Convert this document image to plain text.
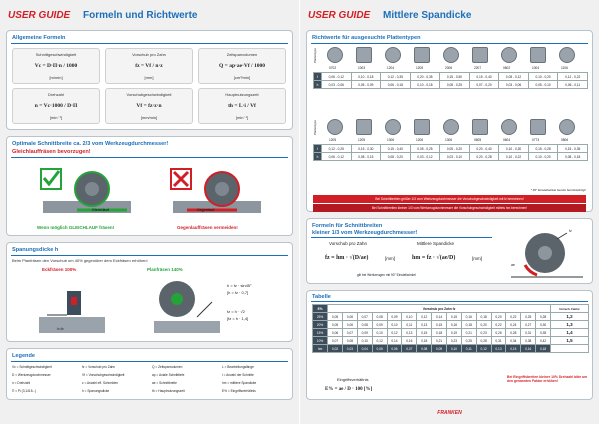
USER GUIDE Formeln und Richtwerte
Allgemeine Formeln
Schnittgeschwindigkeit
Vc = D·Π·n / 1000
[m/min]
Vorschub pro Zahn
fz = Vf / n·z
[mm]
Zeitspanvolumen
Q = ap·ae·Vf / 1000
[cm³/min]
Drehzahl
n = Vc·1000 / D·Π
[min⁻¹]
Vorschubgeschwindigkeit
Vf = fz·z·n
[mm/min]
Hauptnutzungszeit
th = L·i / Vf
[min⁻¹]
Optimale Schnittbreite ca. 2/3 vom Werkzeugdurchmesser!
Gleichlauffräsen bevorzugen!
Gleichlauf	Gegenlauf
Wenn möglich GLEICHLAUF fräsen!	Gegenlauffräsen vermeiden!
Spanungsdicke h
Beim Planfräsen den Vorschub um 40% gegenüber dem Eckfräsen erhöhen!
Eckfräsen 100%	Planfräsen 140%
h=fz
h = fz · sin45°
[h = fz · 0,7]
fz = h · √2
[fz = h · 1,4]
Legende
Vc = Schnittgeschwindigkeit
D = Werkzeugdurchmesser
n = Drehzahl
Π = Pi (3,1415...)
fz = Vorschub pro Zahn
Vf = Vorschubgeschwindigkeit
z = Anzahl eff. Schneiden
h = Spanungsdicke
Q = Zeitspanvolumen
ap = Axiale Schnitttiefe
ae = Schnittbreite
th = Hauptnutzungszeit
L = Bearbeitungslänge
i = Anzahl der Schnitte
hm = mittlere Spandicke
E% = Eingriffsverhältnis
USER GUIDE Mittlere Spandicke
Richtwerte für ausgesuchte Plattentypen
Plattentype
0702	1003	1204	1205	2006	2207	0602	1004	1106
f	0,06 - 0,12	0,10 - 0,18	0,12 - 0,35	0,20 - 0,35	0,15 - 0,50	0,15 - 0,40	0,05 - 0,12	0,10 - 0,20	0,12 - 0,22
h	0,03 - 0,06	0,05 - 0,09	0,06 - 0,18	0,10 - 0,18	0,08 - 0,25	0,07 - 0,20	0,03 - 0,06	0,05 - 0,10	0,06 - 0,11
Plattentype
1205	1205	1306	1206	1306	0605	0604	0773	0806
f	0,12 - 0,25	0,15 - 0,30	0,15 - 0,40	0,05 - 0,25	0,05 - 0,20	0,20 - 0,40	0,10 - 0,30	0,15 - 0,28	0,15 - 0,35
h	0,06 - 0,12	0,08 - 0,15	0,08 - 0,20	0,03 - 0,12	0,03 - 0,10	0,20 - 0,28	0,10 - 0,22	0,10 - 0,20	0,08 - 0,18
* 45° Einstellwinkel bereits berücksichtigt!
Bei Schnittbreiten größer 1/3 vom Werkzeugdurchmesser die Vorschubgeschwindigkeit mit fz berechnen!
Bei Schnittbreiten kleiner 1/3 vom Werkzeugdurchmesser die Vorschubgeschwindigkeit mittels hm berechnen!
Formeln für Schnittbreiten
kleiner 1/3 vom Werkzeugdurchmesser!
Vorschub pro Zahn	Mittlere Spandicke
fz = hm · √(D/ae)	[mm]	hm = fz · √(ae/D)	[mm]
gilt bei Werkzeugen mit 90° Einstellwinkel
fz
ae
Tabelle
E%	Vorschub pro Zahn fz															Umrech. Faktor
25%	0,05	0,06	0,07	0,08	0,09	0,10	0,12	0,14	0,15	0,16	0,18	0,20	0,22	0,25	0,28	1,2
20%	0,05	0,06	0,08	0,09	0,10	0,11	0,13	0,15	0,16	0,18	0,20	0,22	0,24	0,27	0,30	1,3
15%	0,06	0,07	0,09	0,10	0,12	0,13	0,15	0,18	0,19	0,21	0,23	0,26	0,28	0,31	0,35	1,4
10%	0,07	0,08	0,10	0,12	0,14	0,16	0,18	0,21	0,23	0,25	0,28	0,31	0,34	0,38	0,42	1,5
hm	0,02	0,03	0,04	0,05	0,06	0,07	0,08	0,09	0,10	0,11	0,12	0,13	0,15	0,16	0,18	
Eingriffsverhältnis
E% = ae / D · 100 [%]
Bei Eingriffsbreiten kleiner 10% Drehzahl bitte um den genannten Faktor erhöhen!
FRANKEN
